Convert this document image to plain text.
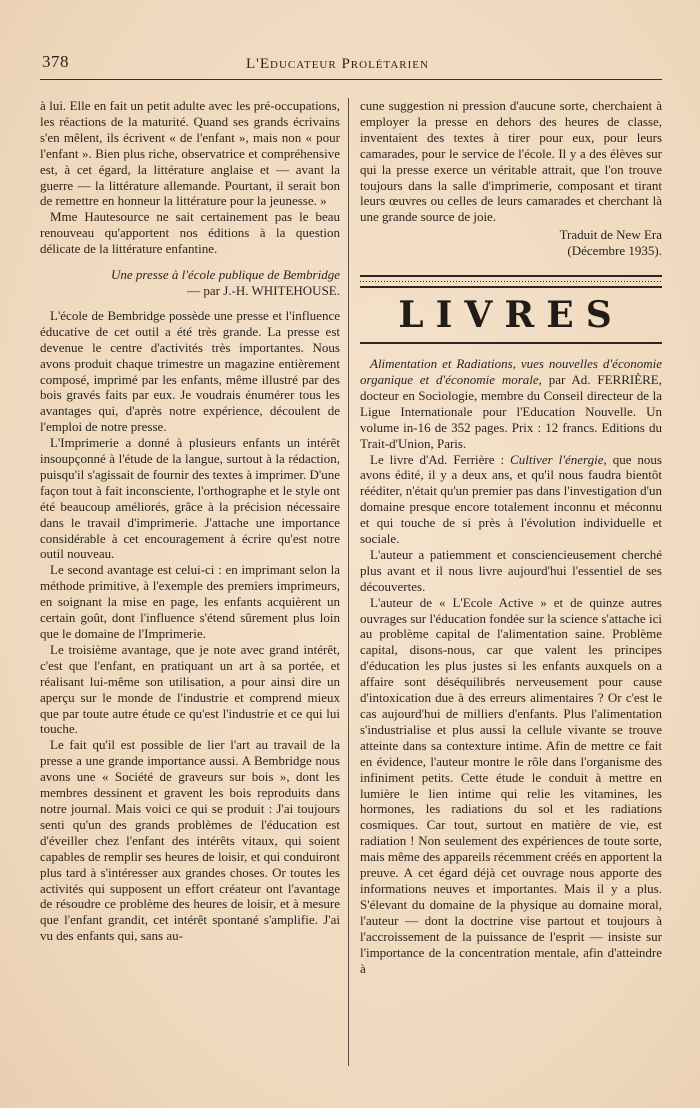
378	L'Educateur Prolétarien

à lui. Elle en fait un petit adulte avec les pré-occupations, les réactions de la maturité. Quand ses grands écrivains s'en mêlent, ils écrivent « de l'enfant », mais non « pour l'enfant ». Bien plus riche, observatrice et compréhensive est, à cet égard, la littérature anglaise et — avant la guerre — la littérature allemande. Pourtant, il serait bon de remettre en honneur la littérature pour la jeunesse. »

Mme Hautesource ne sait certainement pas le beau renouveau qu'apportent nos éditions à la question délicate de la littérature enfantine.

Une presse à l'école publique de Bembridge
— par J.-H. WHITEHOUSE.

L'école de Bembridge possède une presse et l'influence éducative de cet outil a été très grande. La presse est devenue le centre d'activités très importantes. Nous avons produit chaque trimestre un magazine entièrement composé, imprimé par les enfants, même illustré par des bois gravés faits par eux. Je voudrais énumérer tous les avantages qui, d'après notre expérience, découlent de l'emploi de notre presse.

L'Imprimerie a donné à plusieurs enfants un intérêt insoupçonné à l'étude de la langue, surtout à la rédaction, puisqu'il s'agissait de fournir des textes à imprimer. D'une façon tout à fait inconsciente, l'orthographe et le style ont été beaucoup améliorés, grâce à la précision nécessaire dans le travail d'imprimerie. J'attache une importance considérable à cet encouragement à écrire qu'est notre outil nouveau.

Le second avantage est celui-ci : en imprimant selon la méthode primitive, à l'exemple des premiers imprimeurs, en soignant la mise en page, les enfants acquièrent un certain goût, dont l'influence s'étend sûrement plus loin que le domaine de l'Imprimerie.

Le troisième avantage, que je note avec grand intérêt, c'est que l'enfant, en pratiquant un art à sa portée, et réalisant lui-même son utilisation, a pour ainsi dire un aperçu sur le monde de l'industrie et comprend mieux que par toute autre étude ce qu'est l'industrie et ce qui lui touche.

Le fait qu'il est possible de lier l'art au travail de la presse a une grande importance aussi. A Bembridge nous avons une « Société de graveurs sur bois », dont les membres dessinent et gravent les bois reproduits dans notre journal. Mais voici ce qui se produit : J'ai toujours senti qu'un des grands problèmes de l'éducation est d'éveiller chez l'enfant des intérêts vitaux, qui soient capables de remplir ses heures de loisir, et qui conduiront plus tard à s'intéresser aux grandes choses. Or toutes les activités qui supposent un effort créateur ont l'avantage de résoudre ce problème des heures de loisir, et à mesure que l'enfant grandit, cet intérêt spontané s'amplifie. J'ai vu des enfants qui, sans au-

cune suggestion ni pression d'aucune sorte, cherchaient à employer la presse en dehors des heures de classe, inventaient des textes à tirer pour eux, pour leurs camarades, pour le service de l'école. Il y a des élèves sur qui la presse exerce un véritable attrait, que l'on trouve toujours dans la salle d'imprimerie, composant et tirant leurs œuvres ou celles de leurs camarades et cherchant là une grande source de joie.

Traduit de New Era
(Décembre 1935).
LIVRES

Alimentation et Radiations, vues nouvelles d'économie organique et d'économie morale, par Ad. FERRIÈRE, docteur en Sociologie, membre du Conseil directeur de la Ligue Internationale pour l'Education Nouvelle. Un volume in-16 de 352 pages. Prix : 12 francs. Editions du Trait-d'Union, Paris.

Le livre d'Ad. Ferrière : Cultiver l'énergie, que nous avons édité, il y a deux ans, et qu'il nous faudra bientôt rééditer, n'était qu'un premier pas dans l'investigation d'un domaine presque encore totalement inconnu et méconnu et qui touche de si près à l'évolution individuelle et sociale.

L'auteur a patiemment et consciencieusement cherché plus avant et il nous livre aujourd'hui l'essentiel de ses découvertes.

L'auteur de « L'Ecole Active » et de quinze autres ouvrages sur l'éducation fondée sur la science s'attache ici au problème capital de l'alimentation saine. Problème capital, disons-nous, car que valent les principes d'éducation les plus justes si les enfants auxquels on a affaire sont déséquilibrés nerveusement pour cause d'intoxication due à des erreurs alimentaires ? Or c'est le cas aujourd'hui de milliers d'enfants. Plus l'alimentation s'industrialise et plus aussi la cellule vivante se trouve atteinte dans sa contexture intime. Afin de mettre ce fait en évidence, l'auteur montre le rôle dans l'organisme des infiniment petits. Cette étude le conduit à mettre en lumière le lien intime qui relie les vitamines, les hormones, les radiations du sol et les radiations cosmiques. Car tout, surtout en matière de vie, est radiation ! Non seulement des expériences de toute sorte, mais même des appareils récemment créés en apportent la preuve. A cet égard déjà cet ouvrage nous apporte des informations neuves et importantes. Mais il y a plus. S'élevant du domaine de la physique au domaine moral, l'auteur — dont la doctrine vise partout et toujours à l'accroissement de la puissance de l'esprit — insiste sur l'importance de la concentration mentale, afin d'atteindre à
